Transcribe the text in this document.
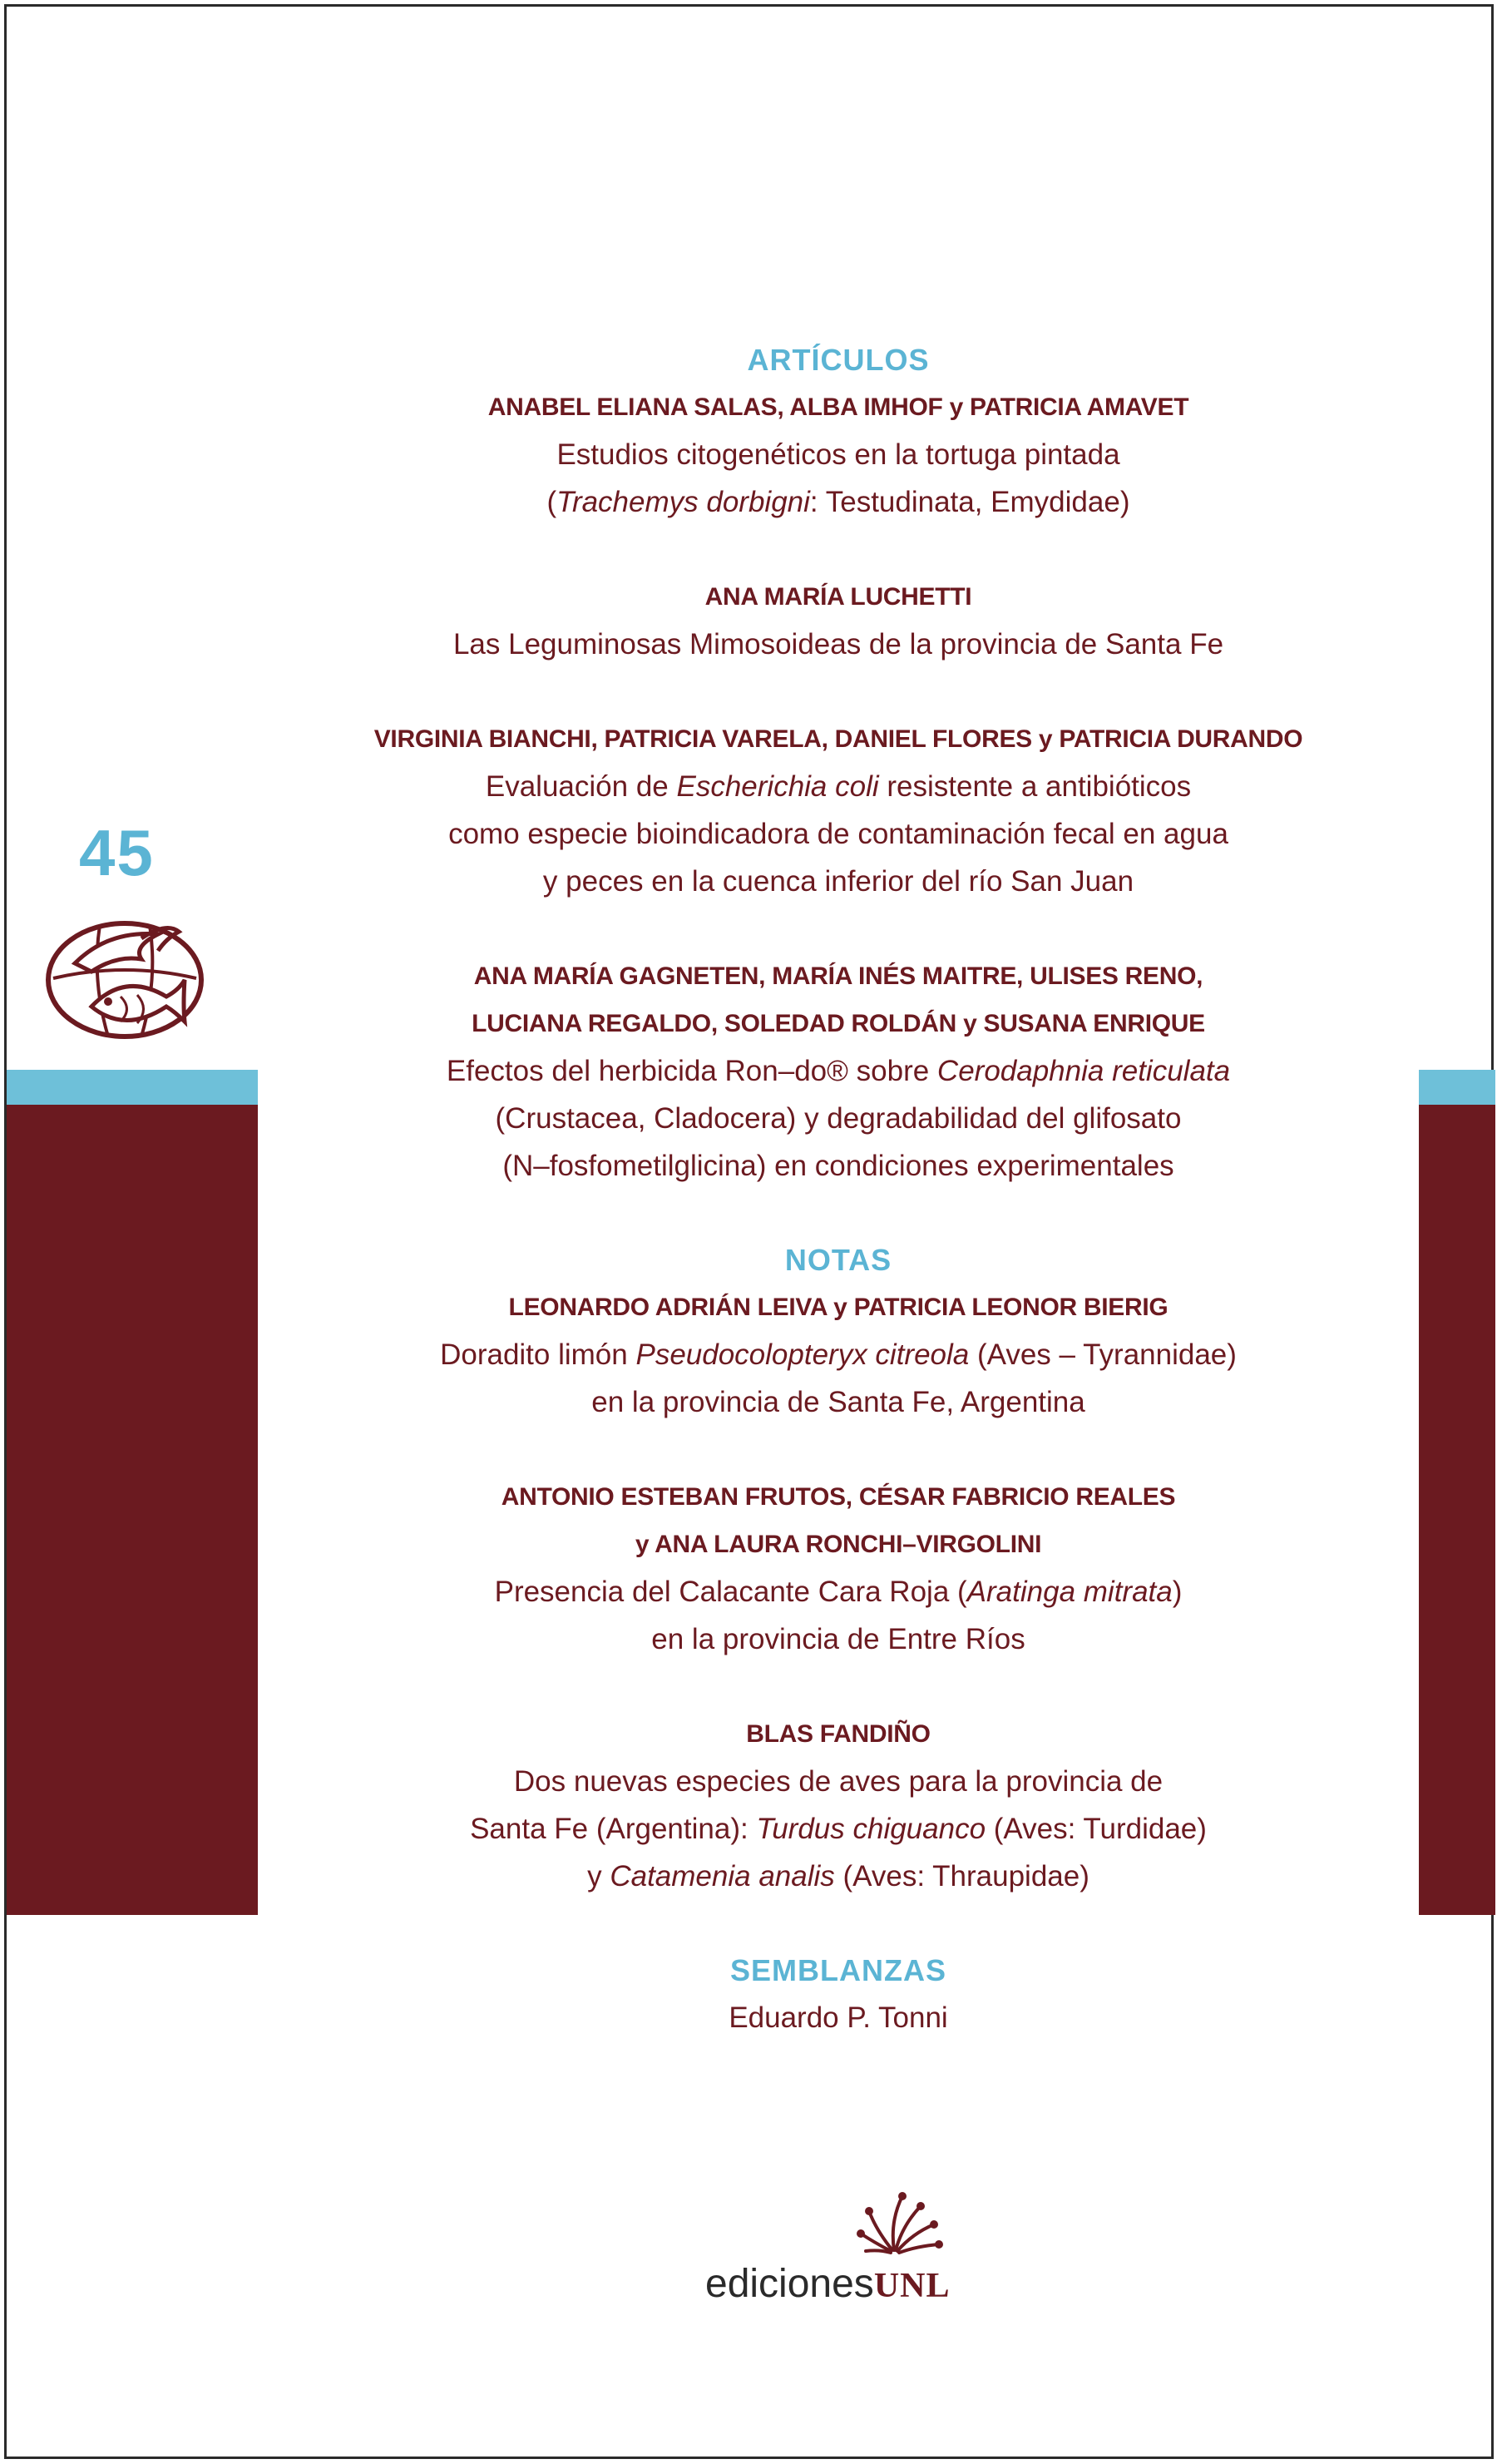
45
ARTÍCULOS
ANABEL ELIANA SALAS, ALBA IMHOF y PATRICIA AMAVET
Estudios citogenéticos en la tortuga pintada
(Trachemys dorbigni: Testudinata, Emydidae)
ANA MARÍA LUCHETTI
Las Leguminosas Mimosoideas de la provincia de Santa Fe
VIRGINIA BIANCHI, PATRICIA VARELA, DANIEL FLORES y PATRICIA DURANDO
Evaluación de Escherichia coli resistente a antibióticos
como especie bioindicadora de contaminación fecal en agua
y peces en la cuenca inferior del río San Juan
ANA MARÍA GAGNETEN, MARÍA INÉS MAITRE, ULISES RENO,
LUCIANA REGALDO, SOLEDAD ROLDÁN y SUSANA ENRIQUE
Efectos del herbicida Ron–do® sobre Cerodaphnia reticulata
(Crustacea, Cladocera) y degradabilidad del glifosato
(N–fosfometilglicina) en condiciones experimentales
NOTAS
LEONARDO ADRIÁN LEIVA y PATRICIA LEONOR BIERIG
Doradito limón Pseudocolopteryx citreola (Aves – Tyrannidae)
en la provincia de Santa Fe, Argentina
ANTONIO ESTEBAN FRUTOS, CÉSAR FABRICIO REALES
y ANA LAURA RONCHI–VIRGOLINI
Presencia del Calacante Cara Roja (Aratinga mitrata)
en la provincia de Entre Ríos
BLAS FANDIÑO
Dos nuevas especies de aves para la provincia de
Santa Fe (Argentina): Turdus chiguanco (Aves: Turdidae)
y Catamenia analis (Aves: Thraupidae)
SEMBLANZAS
Eduardo P. Tonni
edicionesUNL
